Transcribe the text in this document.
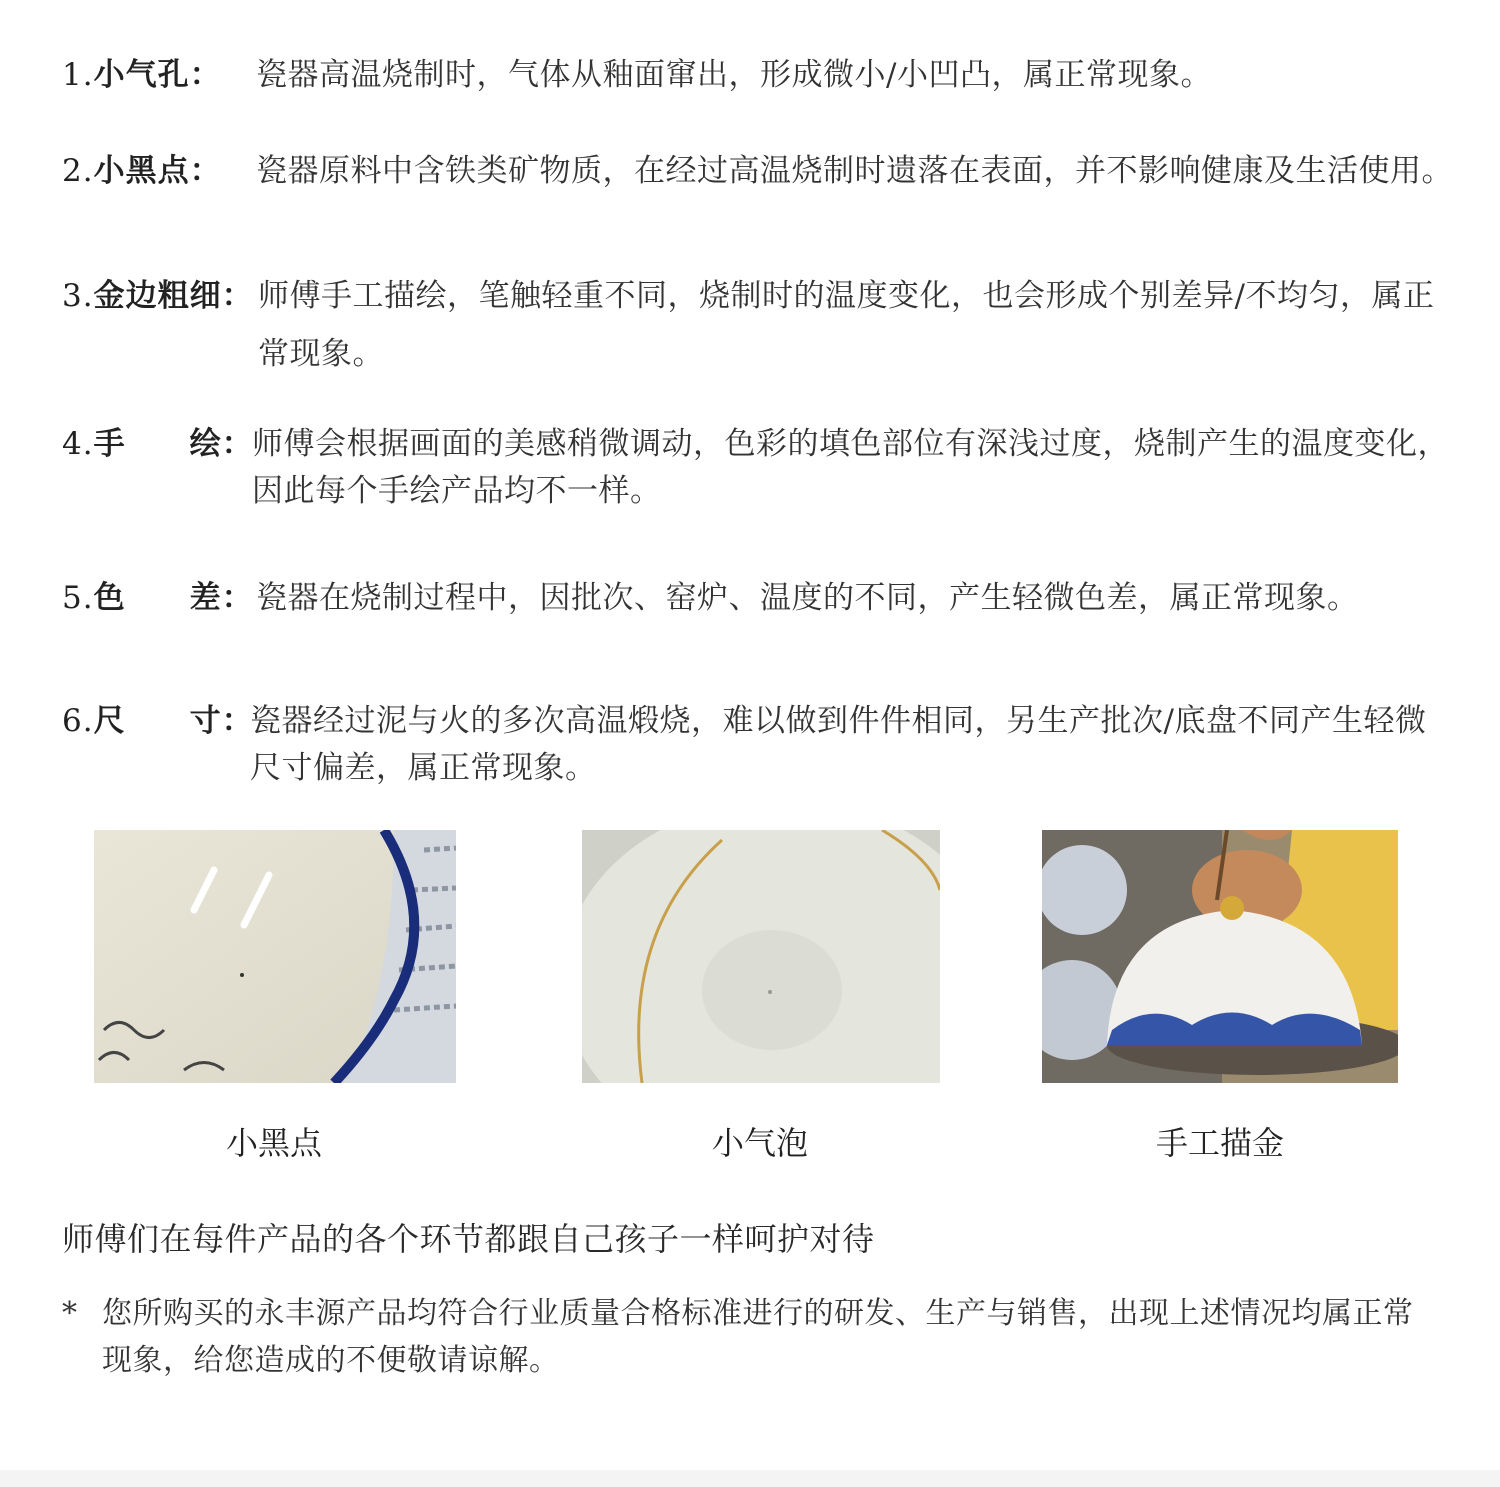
1.小气孔： 瓷器高温烧制时，气体从釉面窜出，形成微小/小凹凸，属正常现象。
2.小黑点： 瓷器原料中含铁类矿物质，在经过高温烧制时遗落在表面，并不影响健康及生活使用。
3.金边粗细： 师傅手工描绘，笔触轻重不同，烧制时的温度变化，也会形成个别差异/不均匀，属正常现象。
4.手　　绘：
师傅会根据画面的美感稍微调动，色彩的填色部位有深浅过度，烧制产生的温度变化，因此每个手绘产品均不一样。
5.色　　差： 瓷器在烧制过程中，因批次、窑炉、温度的不同，产生轻微色差，属正常现象。
6.尺　　寸：
瓷器经过泥与火的多次高温煅烧，难以做到件件相同，另生产批次/底盘不同产生轻微尺寸偏差，属正常现象。
小黑点	小气泡	手工描金
师傅们在每件产品的各个环节都跟自己孩子一样呵护对待
* 您所购买的永丰源产品均符合行业质量合格标准进行的研发、生产与销售，出现上述情况均属正常现象，给您造成的不便敬请谅解。
